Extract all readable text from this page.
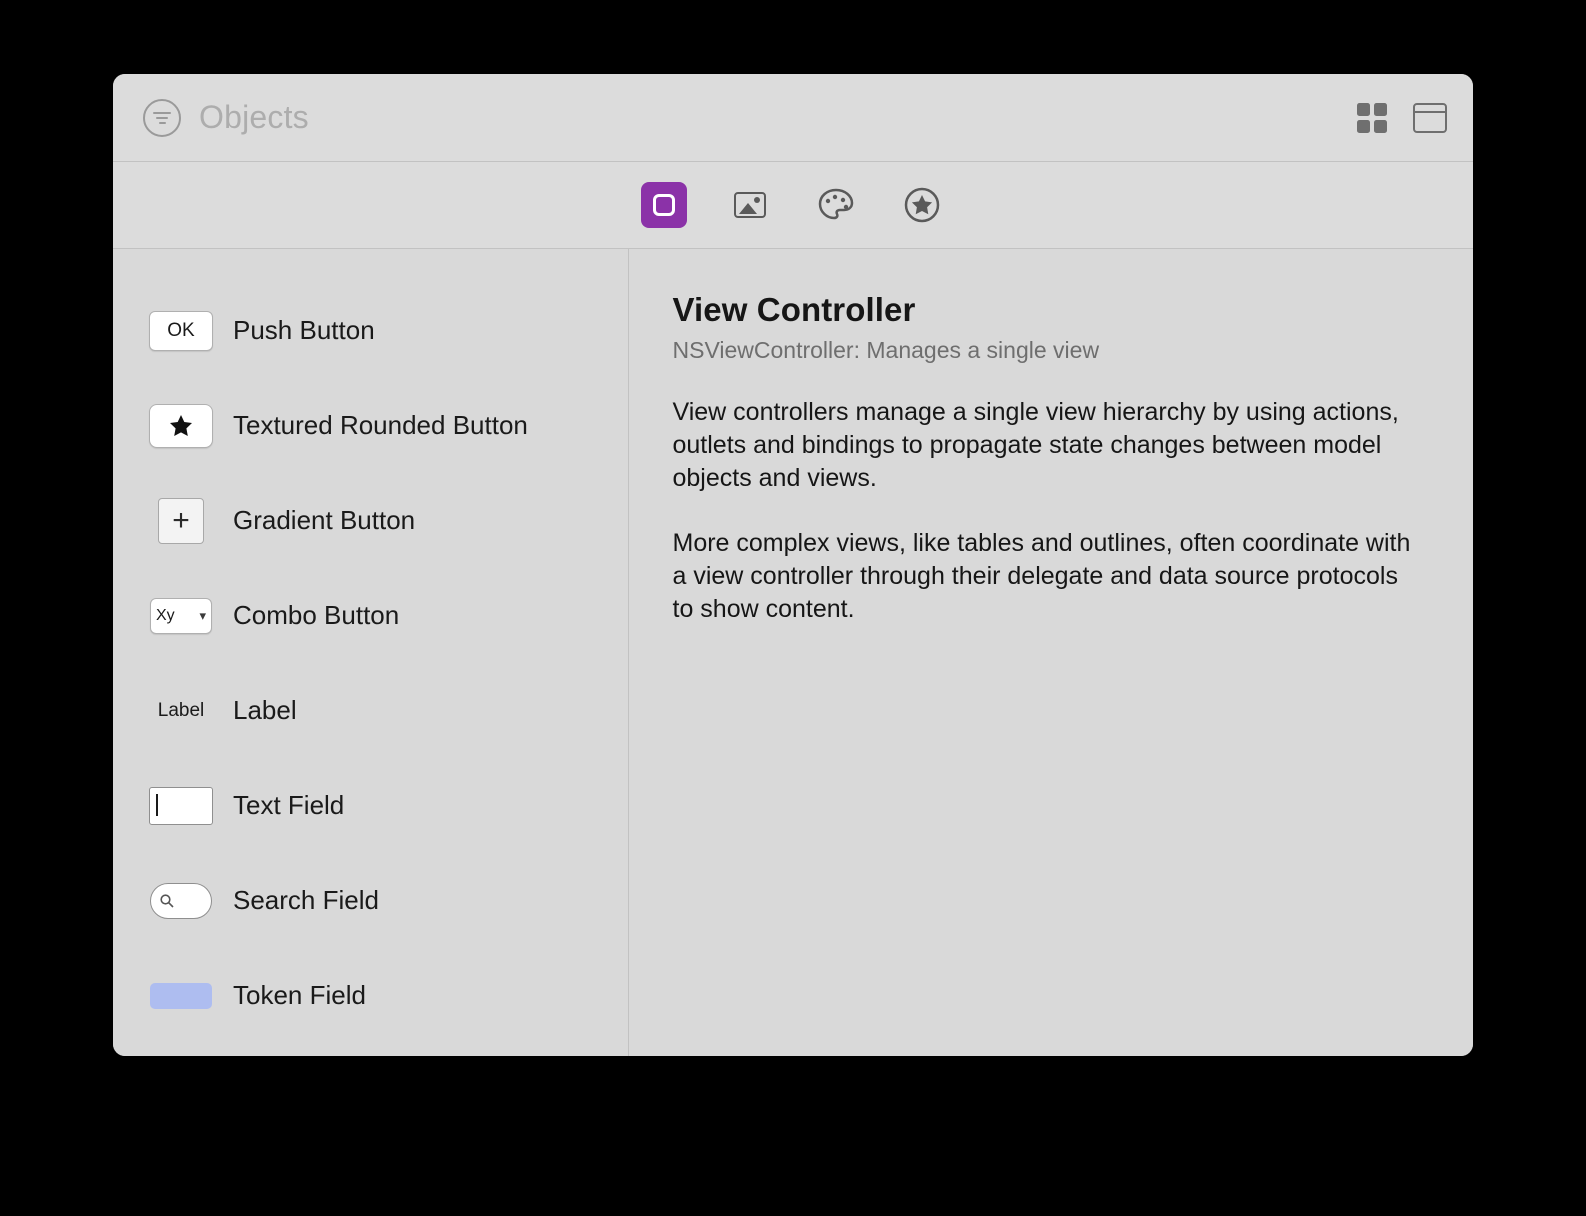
Objects
OK	Push Button
Textured Rounded Button
+	Gradient Button
Xy ▾ Combo Button
Label Label
Text Field
Search Field
Token Field
View Controller
NSViewController: Manages a single view

View controllers manage a single view hierarchy by using actions, outlets and bindings to propagate state changes between model objects and views.

More complex views, like tables and outlines, often coordinate with a view controller through their delegate and data source protocols to show content.
